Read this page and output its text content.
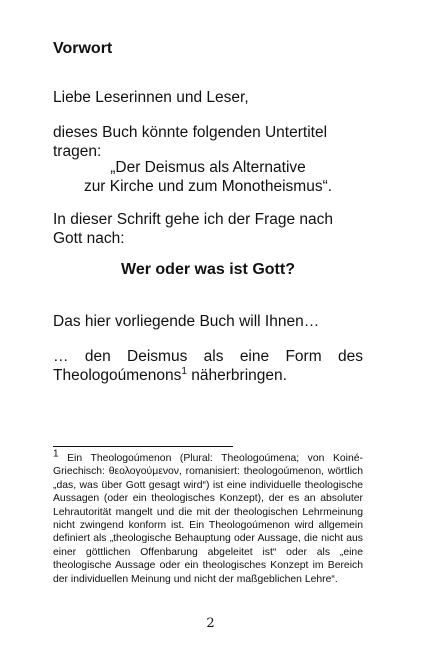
Vorwort

Liebe Leserinnen und Leser,

dieses Buch könnte folgenden Untertitel tragen:

„Der Deismus als Alternative
zur Kirche und zum Monotheismus“.

In dieser Schrift gehe ich der Frage nach Gott nach:

Wer oder was ist Gott?

Das hier vorliegende Buch will Ihnen…

… den Deismus als eine Form des
Theologoúmenons$^1$ näherbringen.

$^1$ Ein Theologoúmenon (Plural: Theologoúmena; von Koiné-Griechisch: θεολογούμενον, romanisiert: theologoúmenon, wörtlich „das, was über Gott gesagt wird“) ist eine individuelle theologische Aussagen (oder ein theologisches Konzept), der es an absoluter Lehrautorität mangelt und die mit der theologischen Lehrmeinung nicht zwingend konform ist. Ein Theologoúmenon wird allgemein definiert als „theologische Behauptung oder Aussage, die nicht aus einer göttlichen Offenbarung abgeleitet ist“ oder als „eine theologische Aussage oder ein theologisches Konzept im Bereich der individuellen Meinung und nicht der maßgeblichen Lehre“.

2
